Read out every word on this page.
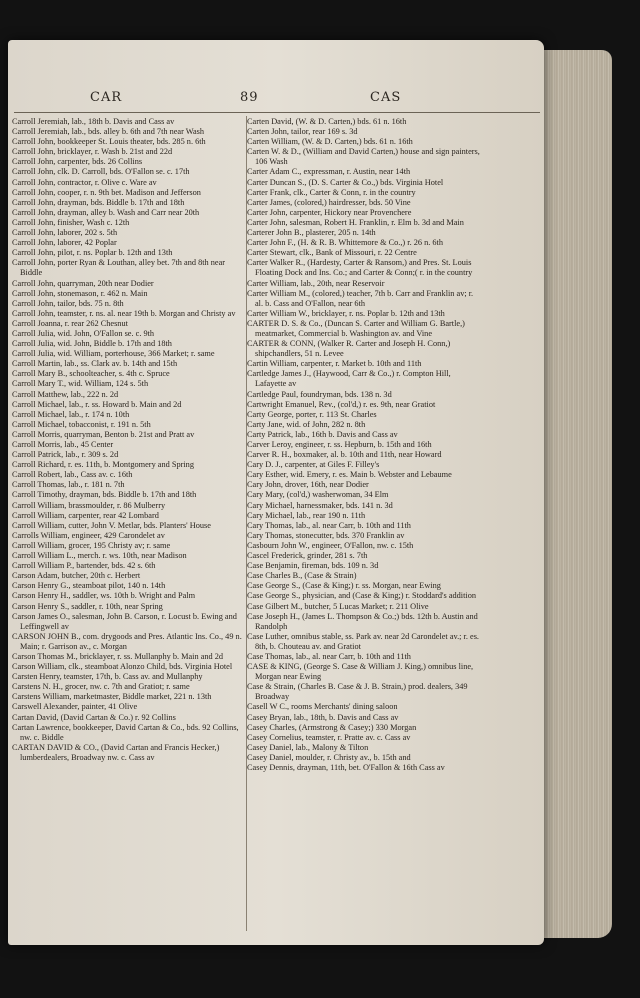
CAR	89	CAS

Carroll Jeremiah, lab., 18th b. Davis and Cass av

Carroll Jeremiah, lab., bds. alley b. 6th and 7th near Wash

Carroll John, bookkeeper St. Louis theater, bds. 285 n. 6th

Carroll John, bricklayer, r. Wash b. 21st and 22d

Carroll John, carpenter, bds. 26 Collins

Carroll John, clk. D. Carroll, bds. O'Fallon se. c. 17th

Carroll John, contractor, r. Olive c. Ware av

Carroll John, cooper, r. n. 9th bet. Madison and Jefferson

Carroll John, drayman, bds. Biddle b. 17th and 18th

Carroll John, drayman, alley b. Wash and Carr near 20th

Carroll John, finisher, Wash c. 12th

Carroll John, laborer, 202 s. 5th

Carroll John, laborer, 42 Poplar

Carroll John, pilot, r. ns. Poplar b. 12th and 13th

Carroll John, porter Ryan & Louthan, alley bet. 7th and 8th near Biddle

Carroll John, quarryman, 20th near Dodier

Carroll John, stonemason, r. 462 n. Main

Carroll John, tailor, bds. 75 n. 8th

Carroll John, teamster, r. ns. al. near 19th b. Morgan and Christy av

Carroll Joanna, r. rear 262 Chesnut

Carroll Julia, wid. John, O'Fallon se. c. 9th

Carroll Julia, wid. John, Biddle b. 17th and 18th

Carroll Julia, wid. William, porterhouse, 366 Market; r. same

Carroll Martin, lab., ss. Clark av. b. 14th and 15th

Carroll Mary B., schoolteacher, s. 4th c. Spruce

Carroll Mary T., wid. William, 124 s. 5th

Carroll Matthew, lab., 222 n. 2d

Carroll Michael, lab., r. ss. Howard b. Main and 2d

Carroll Michael, lab., r. 174 n. 10th

Carroll Michael, tobacconist, r. 191 n. 5th

Carroll Morris, quarryman, Benton b. 21st and Pratt av

Carroll Morris, lab., 45 Center

Carroll Patrick, lab., r. 309 s. 2d

Carroll Richard, r. es. 11th, b. Montgomery and Spring

Carroll Robert, lab., Cass av. c. 16th

Carroll Thomas, lab., r. 181 n. 7th

Carroll Timothy, drayman, bds. Biddle b. 17th and 18th

Carroll William, brassmoulder, r. 86 Mulberry

Carroll William, carpenter, rear 42 Lombard

Carroll William, cutter, John V. Metlar, bds. Planters' House

Carrolls William, engineer, 429 Carondelet av

Carroll William, grocer, 195 Christy av; r. same

Carroll William L., merch. r. ws. 10th, near Madison

Carroll William P., bartender, bds. 42 s. 6th

Carson Adam, butcher, 20th c. Herbert

Carson Henry G., steamboat pilot, 140 n. 14th

Carson Henry H., saddler, ws. 10th b. Wright and Palm

Carson Henry S., saddler, r. 10th, near Spring

Carson James O., salesman, John B. Carson, r. Locust b. Ewing and Leffingwell av

CARSON JOHN B., com. drygoods and Pres. Atlantic Ins. Co., 49 n. Main; r. Garrison av., c. Morgan

Carson Thomas M., bricklayer, r. ss. Mullanphy b. Main and 2d

Carson William, clk., steamboat Alonzo Child, bds. Virginia Hotel

Carsten Henry, teamster, 17th, b. Cass av. and Mullanphy

Carstens N. H., grocer, nw. c. 7th and Gratiot; r. same

Carstens William, marketmaster, Biddle market, 221 n. 13th

Carswell Alexander, painter, 41 Olive

Cartan David, (David Cartan & Co.) r. 92 Collins

Cartan Lawrence, bookkeeper, David Cartan & Co., bds. 92 Collins, nw. c. Biddle

CARTAN DAVID & CO., (David Cartan and Francis Hecker,) lumberdealers, Broadway nw. c. Cass av

Carten David, (W. & D. Carten,) bds. 61 n. 16th

Carten John, tailor, rear 169 s. 3d

Carten William, (W. & D. Carten,) bds. 61 n. 16th

Carten W. & D., (William and David Carten,) house and sign painters, 106 Wash

Carter Adam C., expressman, r. Austin, near 14th

Carter Duncan S., (D. S. Carter & Co.,) bds. Virginia Hotel

Carter Frank, clk., Carter & Conn, r. in the country

Carter James, (colored,) hairdresser, bds. 50 Vine

Carter John, carpenter, Hickory near Provenchere

Carter John, salesman, Robert H. Franklin, r. Elm b. 3d and Main

Carterer John B., plasterer, 205 n. 14th

Carter John F., (H. & R. B. Whittemore & Co.,) r. 26 n. 6th

Carter Stewart, clk., Bank of Missouri, r. 22 Centre

Carter Walker R., (Hardesty, Carter & Ransom,) and Pres. St. Louis Floating Dock and Ins. Co.; and Carter & Conn;( r. in the country

Carter William, lab., 20th, near Reservoir

Carter William M., (colored,) teacher, 7th b. Carr and Franklin av; r. al. b. Cass and O'Fallon, near 6th

Carter William W., bricklayer, r. ns. Poplar b. 12th and 13th

CARTER D. S. & Co., (Duncan S. Carter and William G. Bartle,) meatmarket, Commercial b. Washington av. and Vine

CARTER & CONN, (Walker R. Carter and Joseph H. Conn,) shipchandlers, 51 n. Levee

Cartin William, carpenter, r. Market b. 10th and 11th

Cartledge James J., (Haywood, Carr & Co.,) r. Compton Hill, Lafayette av

Cartledge Paul, foundryman, bds. 138 n. 3d

Cartwright Emanuel, Rev., (col'd,) r. es. 9th, near Gratiot

Carty George, porter, r. 113 St. Charles

Carty Jane, wid. of John, 282 n. 8th

Carty Patrick, lab., 16th b. Davis and Cass av

Carver Leroy, engineer, r. ss. Hepburn, b. 15th and 16th

Carver R. H., boxmaker, al. b. 10th and 11th, near Howard

Cary D. J., carpenter, at Giles F. Filley's

Cary Esther, wid. Emery, r. es. Main b. Webster and Lebaume

Cary John, drover, 16th, near Dodier

Cary Mary, (col'd,) washerwoman, 34 Elm

Cary Michael, harnessmaker, bds. 141 n. 3d

Cary Michael, lab., rear 190 n. 11th

Cary Thomas, lab., al. near Carr, b. 10th and 11th

Cary Thomas, stonecutter, bds. 370 Franklin av

Casbourn John W., engineer, O'Fallon, nw. c. 15th

Cascel Frederick, grinder, 281 s. 7th

Case Benjamin, fireman, bds. 109 n. 3d

Case Charles B., (Case & Strain)

Case George S., (Case & King;) r. ss. Morgan, near Ewing

Case George S., physician, and (Case & King;) r. Stoddard's addition

Case Gilbert M., butcher, 5 Lucas Market; r. 211 Olive

Case Joseph H., (James L. Thompson & Co.;) bds. 12th b. Austin and Randolph

Case Luther, omnibus stable, ss. Park av. near 2d Carondelet av.; r. es. 8th, b. Chouteau av. and Gratiot

Case Thomas, lab., al. near Carr, b. 10th and 11th

CASE & KING, (George S. Case & William J. King,) omnibus line, Morgan near Ewing

Case & Strain, (Charles B. Case & J. B. Strain,) prod. dealers, 349 Broadway

Casell W C., rooms Merchants' dining saloon

Casey Bryan, lab., 18th, b. Davis and Cass av

Casey Charles, (Armstrong & Casey;) 330 Morgan

Casey Cornelius, teamster, r. Pratte av. c. Cass av

Casey Daniel, lab., Malony & Tilton

Casey Daniel, moulder, r. Christy av., b. 15th and

Casey Dennis, drayman, 11th, bet. O'Fallon & 16th Cass av
